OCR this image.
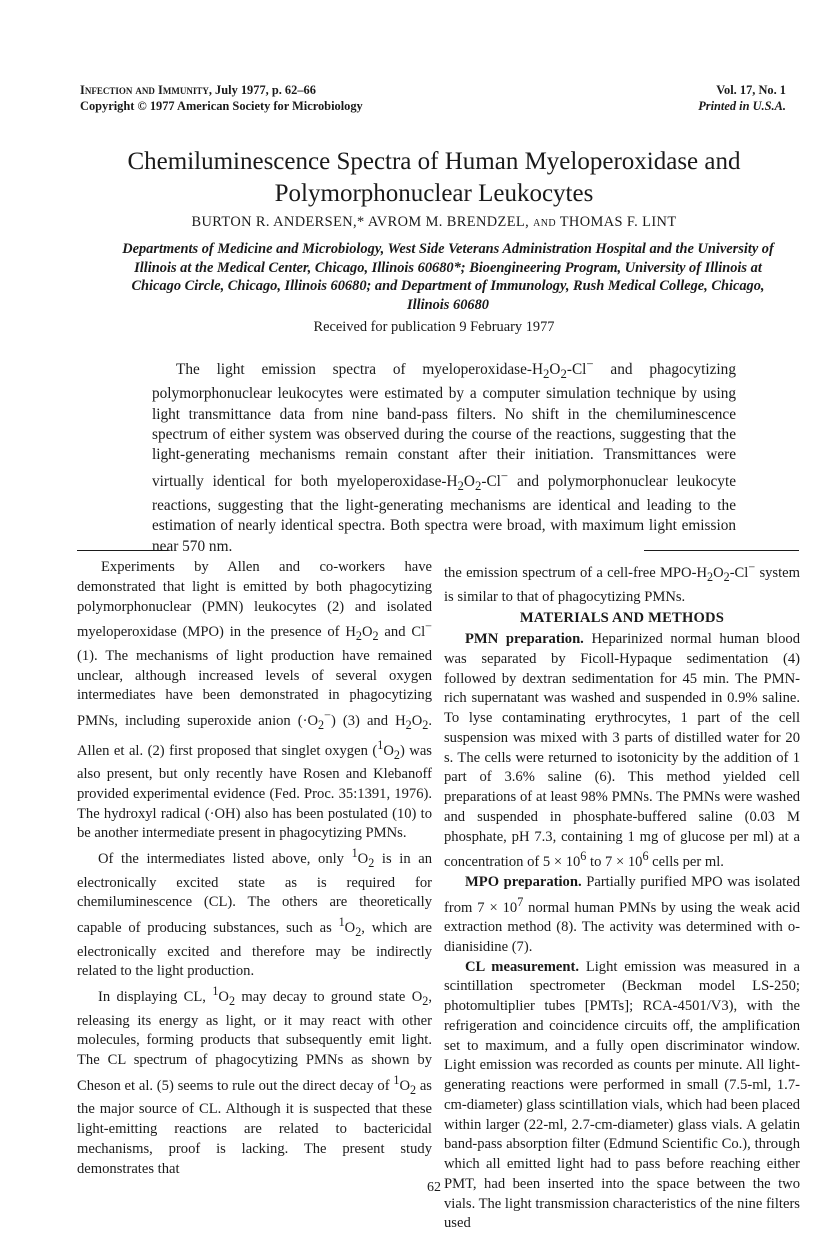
Infection and Immunity, July 1977, p. 62–66
Copyright © 1977 American Society for Microbiology
Vol. 17, No. 1
Printed in U.S.A.
Chemiluminescence Spectra of Human Myeloperoxidase and
Polymorphonuclear Leukocytes
BURTON R. ANDERSEN,* AVROM M. BRENDZEL, and THOMAS F. LINT
Departments of Medicine and Microbiology, West Side Veterans Administration Hospital and the University of Illinois at the Medical Center, Chicago, Illinois 60680*; Bioengineering Program, University of Illinois at Chicago Circle, Chicago, Illinois 60680; and Department of Immunology, Rush Medical College, Chicago, Illinois 60680
Received for publication 9 February 1977

The light emission spectra of myeloperoxidase-$H_2O_2-Cl^-$ and phagocytizing polymorphonuclear leukocytes were estimated by a computer simulation technique by using light transmittance data from nine band-pass filters. No shift in the chemiluminescence spectrum of either system was observed during the course of the reactions, suggesting that the light-generating mechanisms remain constant after their initiation. Transmittances were virtually identical for both myeloperoxidase-$H_2O_2-Cl^-$ and polymorphonuclear leukocyte reactions, suggesting that the light-generating mechanisms are identical and leading to the estimation of nearly identical spectra. Both spectra were broad, with maximum light emission near 570 nm.

Experiments by Allen and co-workers have demonstrated that light is emitted by both phagocytizing polymorphonuclear (PMN) leukocytes (2) and isolated myeloperoxidase (MPO) in the presence of $H_2O_2$ and Cl− (1). The mechanisms of light production have remained unclear, although increased levels of several oxygen intermediates have been demonstrated in phagocytizing PMNs, including superoxide anion $(\cdot O_2^-)$ (3) and $H_2O_2$. Allen et al. (2) first proposed that singlet oxygen $(^1O_2)$ was also present, but only recently have Rosen and Klebanoff provided experimental evidence (Fed. Proc. 35:1391, 1976). The hydroxyl radical (·OH) also has been postulated (10) to be another intermediate present in phagocytizing PMNs.

Of the intermediates listed above, only $^1O_2$ is in an electronically excited state as is required for chemiluminescence (CL). The others are theoretically capable of producing substances, such as $^1O_2$, which are electronically excited and therefore may be indirectly related to the light production.

In displaying CL, $^1O_2$ may decay to ground state $O_2$, releasing its energy as light, or it may react with other molecules, forming products that subsequently emit light. The CL spectrum of phagocytizing PMNs as shown by Cheson et al. (5) seems to rule out the direct decay of $^1O_2$ as the major source of CL. Although it is suspected that these light-emitting reactions are related to bactericidal mechanisms, proof is lacking. The present study demonstrates that

the emission spectrum of a cell-free MPO-$H_2O_2-Cl^-$ system is similar to that of phagocytizing PMNs.

MATERIALS AND METHODS

PMN preparation. Heparinized normal human blood was separated by Ficoll-Hypaque sedimentation (4) followed by dextran sedimentation for 45 min. The PMN-rich supernatant was washed and suspended in 0.9% saline. To lyse contaminating erythrocytes, 1 part of the cell suspension was mixed with 3 parts of distilled water for 20 s. The cells were returned to isotonicity by the addition of 1 part of 3.6% saline (6). This method yielded cell preparations of at least 98% PMNs. The PMNs were washed and suspended in phosphate-buffered saline (0.03 M phosphate, pH 7.3, containing 1 mg of glucose per ml) at a concentration of $5 \times 10^6$ to $7 \times 10^6$ cells per ml.

MPO preparation. Partially purified MPO was isolated from $7 \times 10^7$ normal human PMNs by using the weak acid extraction method (8). The activity was determined with o-dianisidine (7).

CL measurement. Light emission was measured in a scintillation spectrometer (Beckman model LS-250; photomultiplier tubes [PMTs]; RCA-4501/V3), with the refrigeration and coincidence circuits off, the amplification set to maximum, and a fully open discriminator window. Light emission was recorded as counts per minute. All light-generating reactions were performed in small (7.5-ml, 1.7-cm-diameter) glass scintillation vials, which had been placed within larger (22-ml, 2.7-cm-diameter) glass vials. A gelatin band-pass absorption filter (Edmund Scientific Co.), through which all emitted light had to pass before reaching either PMT, had been inserted into the space between the two vials. The light transmission characteristics of the nine filters used

62
